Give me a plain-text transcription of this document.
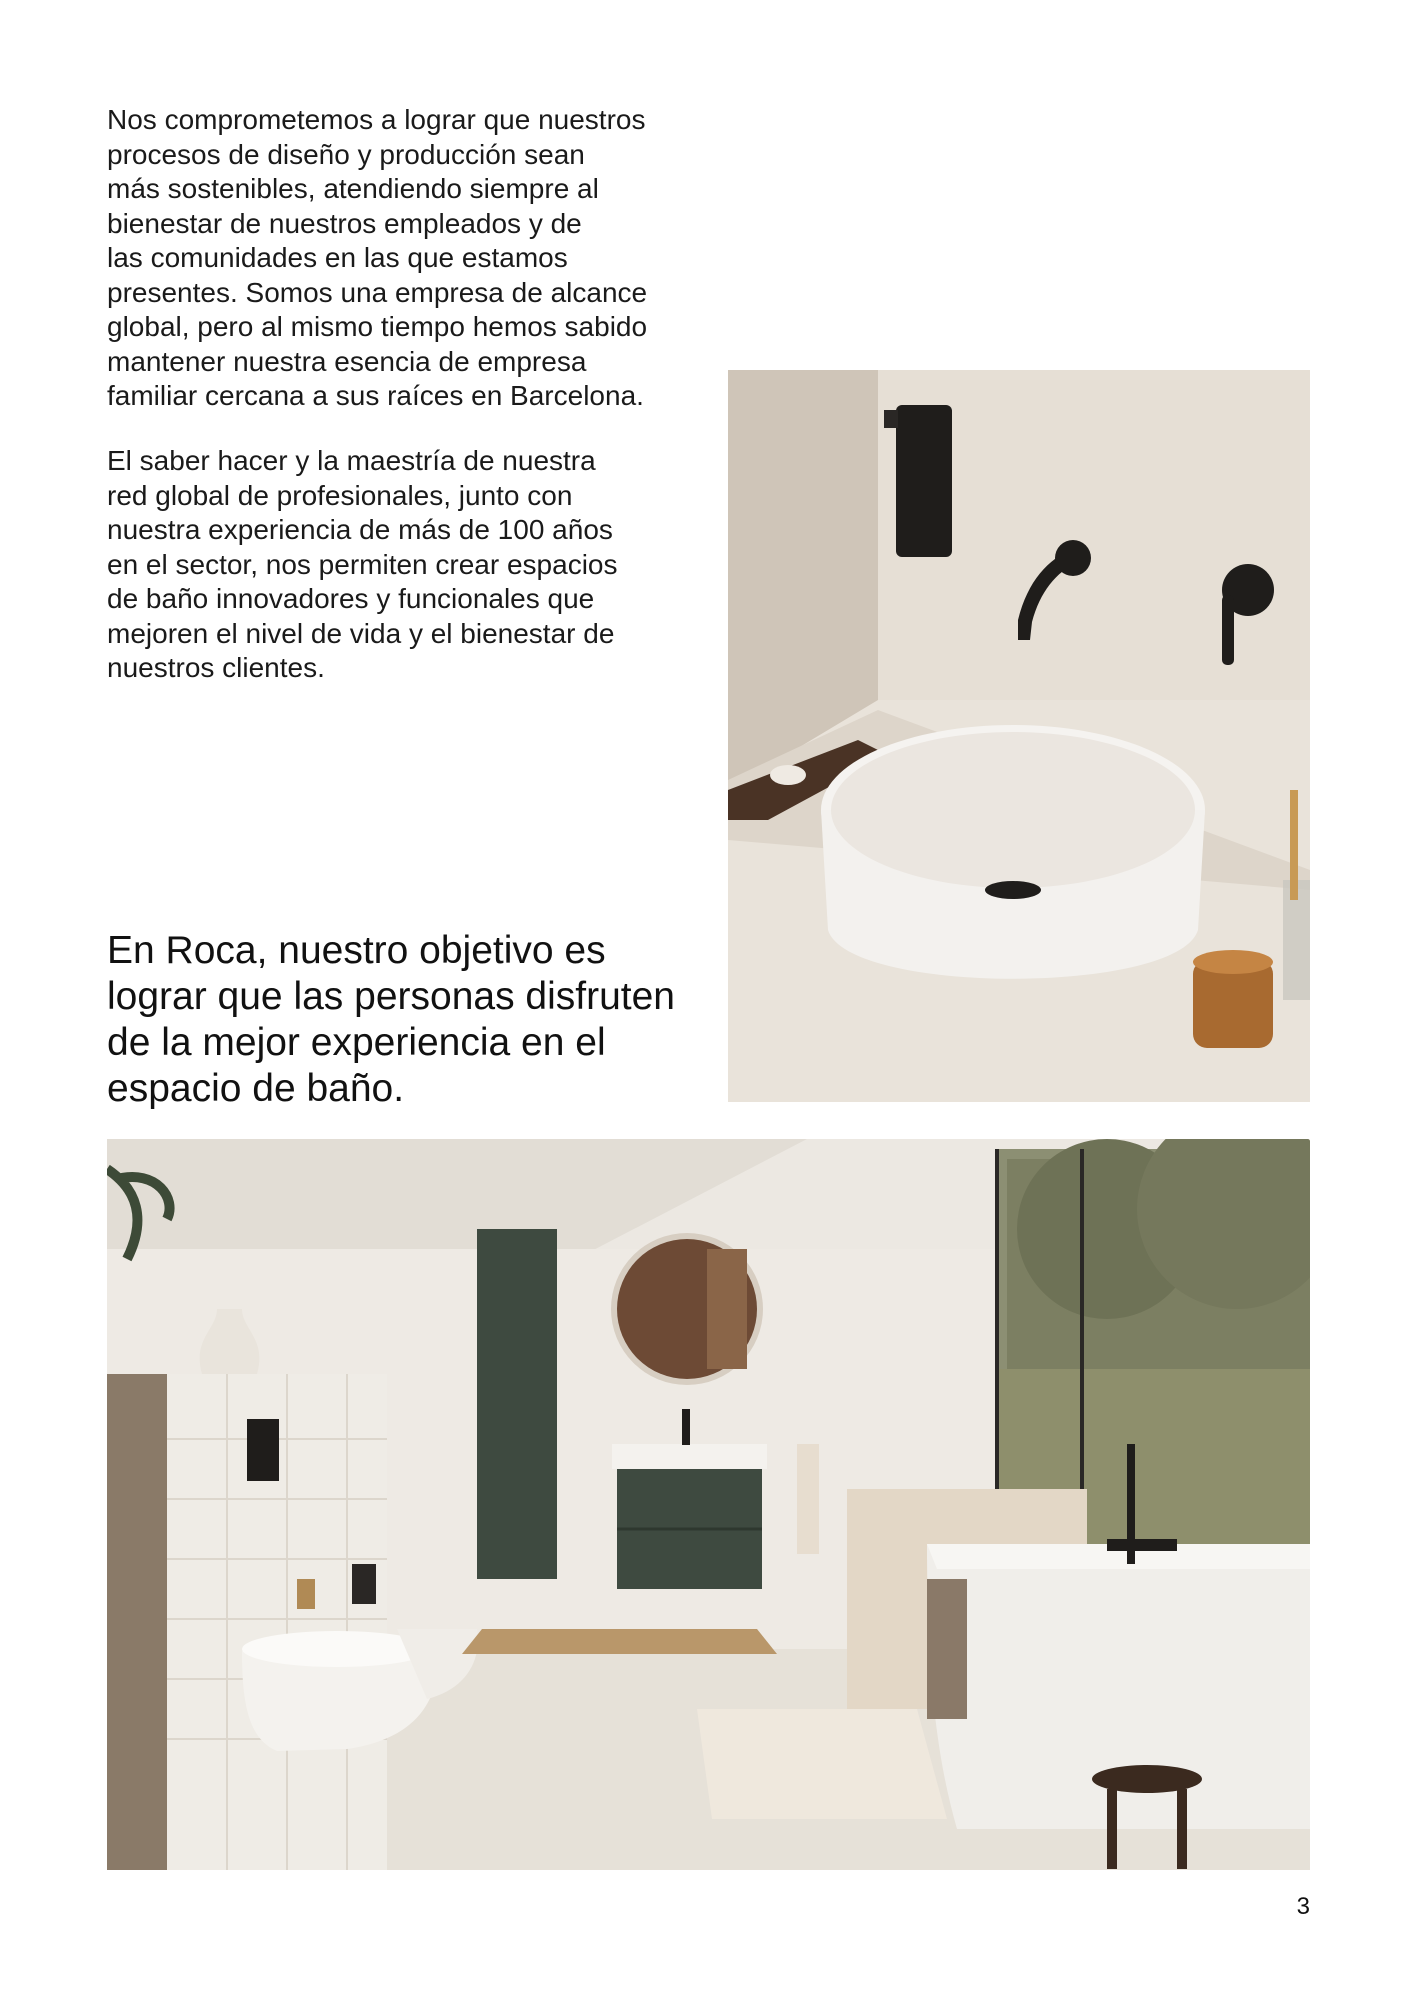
Nos comprometemos a lograr que nuestros
procesos de diseño y producción sean
más sostenibles, atendiendo siempre al
bienestar de nuestros empleados y de
las comunidades en las que estamos
presentes. Somos una empresa de alcance
global, pero al mismo tiempo hemos sabido
mantener nuestra esencia de empresa
familiar cercana a sus raíces en Barcelona.

El saber hacer y la maestría de nuestra
red global de profesionales, junto con
nuestra experiencia de más de 100 años
en el sector, nos permiten crear espacios
de baño innovadores y funcionales que
mejoren el nivel de vida y el bienestar de
nuestros clientes.

En Roca, nuestro objetivo es
lograr que las personas disfruten
de la mejor experiencia en el
espacio de baño.
3
